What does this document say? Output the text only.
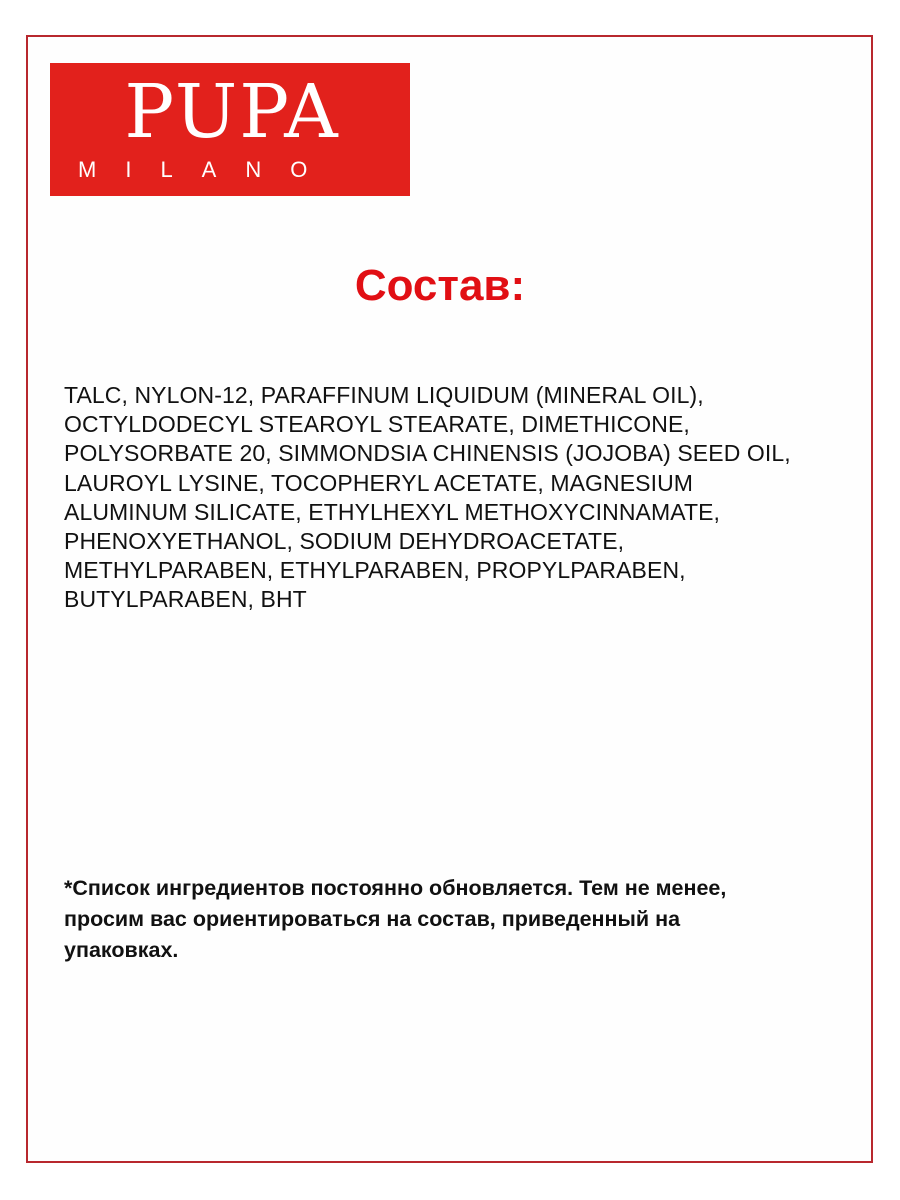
PUPA
MILANO
Состав:
TALC, NYLON-12, PARAFFINUM LIQUIDUM (MINERAL OIL),
OCTYLDODECYL STEAROYL STEARATE, DIMETHICONE,
POLYSORBATE 20, SIMMONDSIA CHINENSIS (JOJOBA) SEED OIL,
LAUROYL LYSINE, TOCOPHERYL ACETATE, MAGNESIUM
ALUMINUM SILICATE, ETHYLHEXYL METHOXYCINNAMATE,
PHENOXYETHANOL, SODIUM DEHYDROACETATE,
METHYLPARABEN, ETHYLPARABEN, PROPYLPARABEN,
BUTYLPARABEN, BHT
*Список ингредиентов постоянно обновляется. Тем не менее,
просим вас ориентироваться на состав, приведенный на
упаковках.
